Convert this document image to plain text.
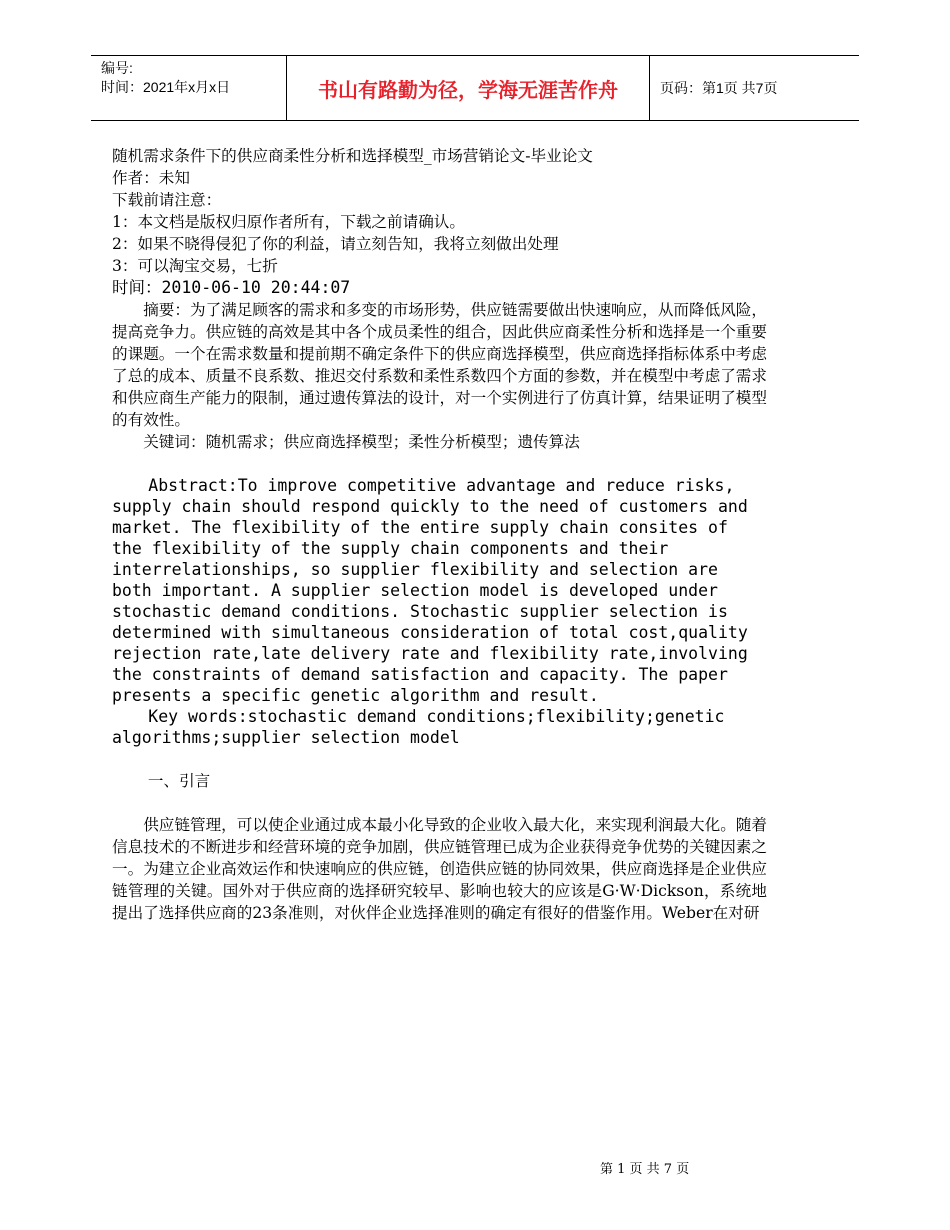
编号:
时间：2021年x月x日	书山有路勤为径，学海无涯苦作舟	页码：第1页 共7页
随机需求条件下的供应商柔性分析和选择模型_市场营销论文-毕业论文
作者：未知
下载前请注意：
1：本文档是版权归原作者所有，下载之前请确认。
2：如果不晓得侵犯了你的利益，请立刻告知，我将立刻做出处理
3：可以淘宝交易，七折
时间：2010-06-10 20:44:07

摘要：为了满足顾客的需求和多变的市场形势，供应链需要做出快速响应，从而降低风险，提高竞争力。供应链的高效是其中各个成员柔性的组合，因此供应商柔性分析和选择是一个重要的课题。一个在需求数量和提前期不确定条件下的供应商选择模型，供应商选择指标体系中考虑了总的成本、质量不良系数、推迟交付系数和柔性系数四个方面的参数，并在模型中考虑了需求和供应商生产能力的限制，通过遗传算法的设计，对一个实例进行了仿真计算，结果证明了模型的有效性。

关键词：随机需求；供应商选择模型；柔性分析模型；遗传算法

Abstract:To improve competitive advantage and reduce risks, supply chain should respond quickly to the need of customers and market. The flexibility of the entire supply chain consites of the flexibility of the supply chain components and their interrelationships, so supplier flexibility and selection are both important. A supplier selection model is developed under stochastic demand conditions. Stochastic supplier selection is determined with simultaneous consideration of total cost,quality rejection rate,late delivery rate and flexibility rate,involving the constraints of demand satisfaction and capacity. The paper presents a specific genetic algorithm and result.

Key words:stochastic demand conditions;flexibility;genetic algorithms;supplier selection model

一、引言

供应链管理，可以使企业通过成本最小化导致的企业收入最大化，来实现利润最大化。随着信息技术的不断进步和经营环境的竞争加剧，供应链管理已成为企业获得竞争优势的关键因素之一。为建立企业高效运作和快速响应的供应链，创造供应链的协同效果，供应商选择是企业供应链管理的关键。国外对于供应商的选择研究较早、影响也较大的应该是G·W·Dickson，系统地提出了选择供应商的23条准则，对伙伴企业选择准则的确定有很好的借鉴作用。Weber在对研

第 1 页 共 7 页
